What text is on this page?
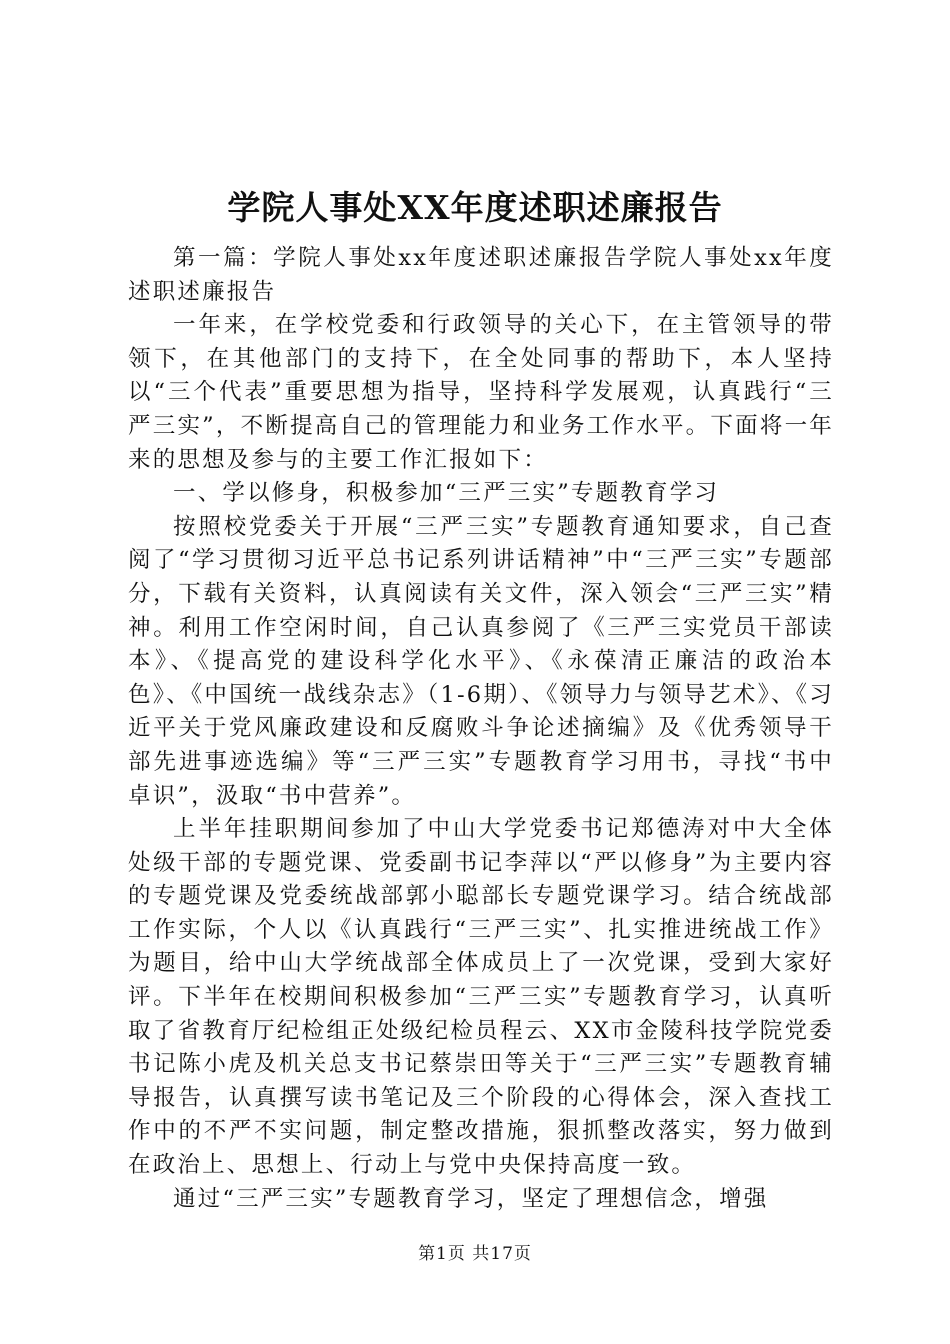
学院人事处XX年度述职述廉报告

第一篇：学院人事处xx年度述职述廉报告学院人事处xx年度述职述廉报告

一年来，在学校党委和行政领导的关心下，在主管领导的带领下，在其他部门的支持下，在全处同事的帮助下，本人坚持以“三个代表”重要思想为指导，坚持科学发展观，认真践行“三严三实”，不断提高自己的管理能力和业务工作水平。下面将一年来的思想及参与的主要工作汇报如下：

一、学以修身，积极参加“三严三实”专题教育学习

按照校党委关于开展“三严三实”专题教育通知要求，自己查阅了“学习贯彻习近平总书记系列讲话精神”中“三严三实”专题部分，下载有关资料，认真阅读有关文件，深入领会“三严三实”精神。利用工作空闲时间，自己认真参阅了《三严三实党员干部读本》、《提高党的建设科学化水平》、《永葆清正廉洁的政治本色》、《中国统一战线杂志》（1-6期）、《领导力与领导艺术》、《习近平关于党风廉政建设和反腐败斗争论述摘编》及《优秀领导干部先进事迹选编》等“三严三实”专题教育学习用书，寻找“书中卓识”，汲取“书中营养”。

上半年挂职期间参加了中山大学党委书记郑德涛对中大全体处级干部的专题党课、党委副书记李萍以“严以修身”为主要内容的专题党课及党委统战部郭小聪部长专题党课学习。结合统战部工作实际，个人以《认真践行“三严三实”、扎实推进统战工作》为题目，给中山大学统战部全体成员上了一次党课，受到大家好评。下半年在校期间积极参加“三严三实”专题教育学习，认真听取了省教育厅纪检组正处级纪检员程云、XX市金陵科技学院党委书记陈小虎及机关总支书记蔡崇田等关于“三严三实”专题教育辅导报告，认真撰写读书笔记及三个阶段的心得体会，深入查找工作中的不严不实问题，制定整改措施，狠抓整改落实，努力做到在政治上、思想上、行动上与党中央保持高度一致。

通过“三严三实”专题教育学习，坚定了理想信念，增强

第1页 共17页
